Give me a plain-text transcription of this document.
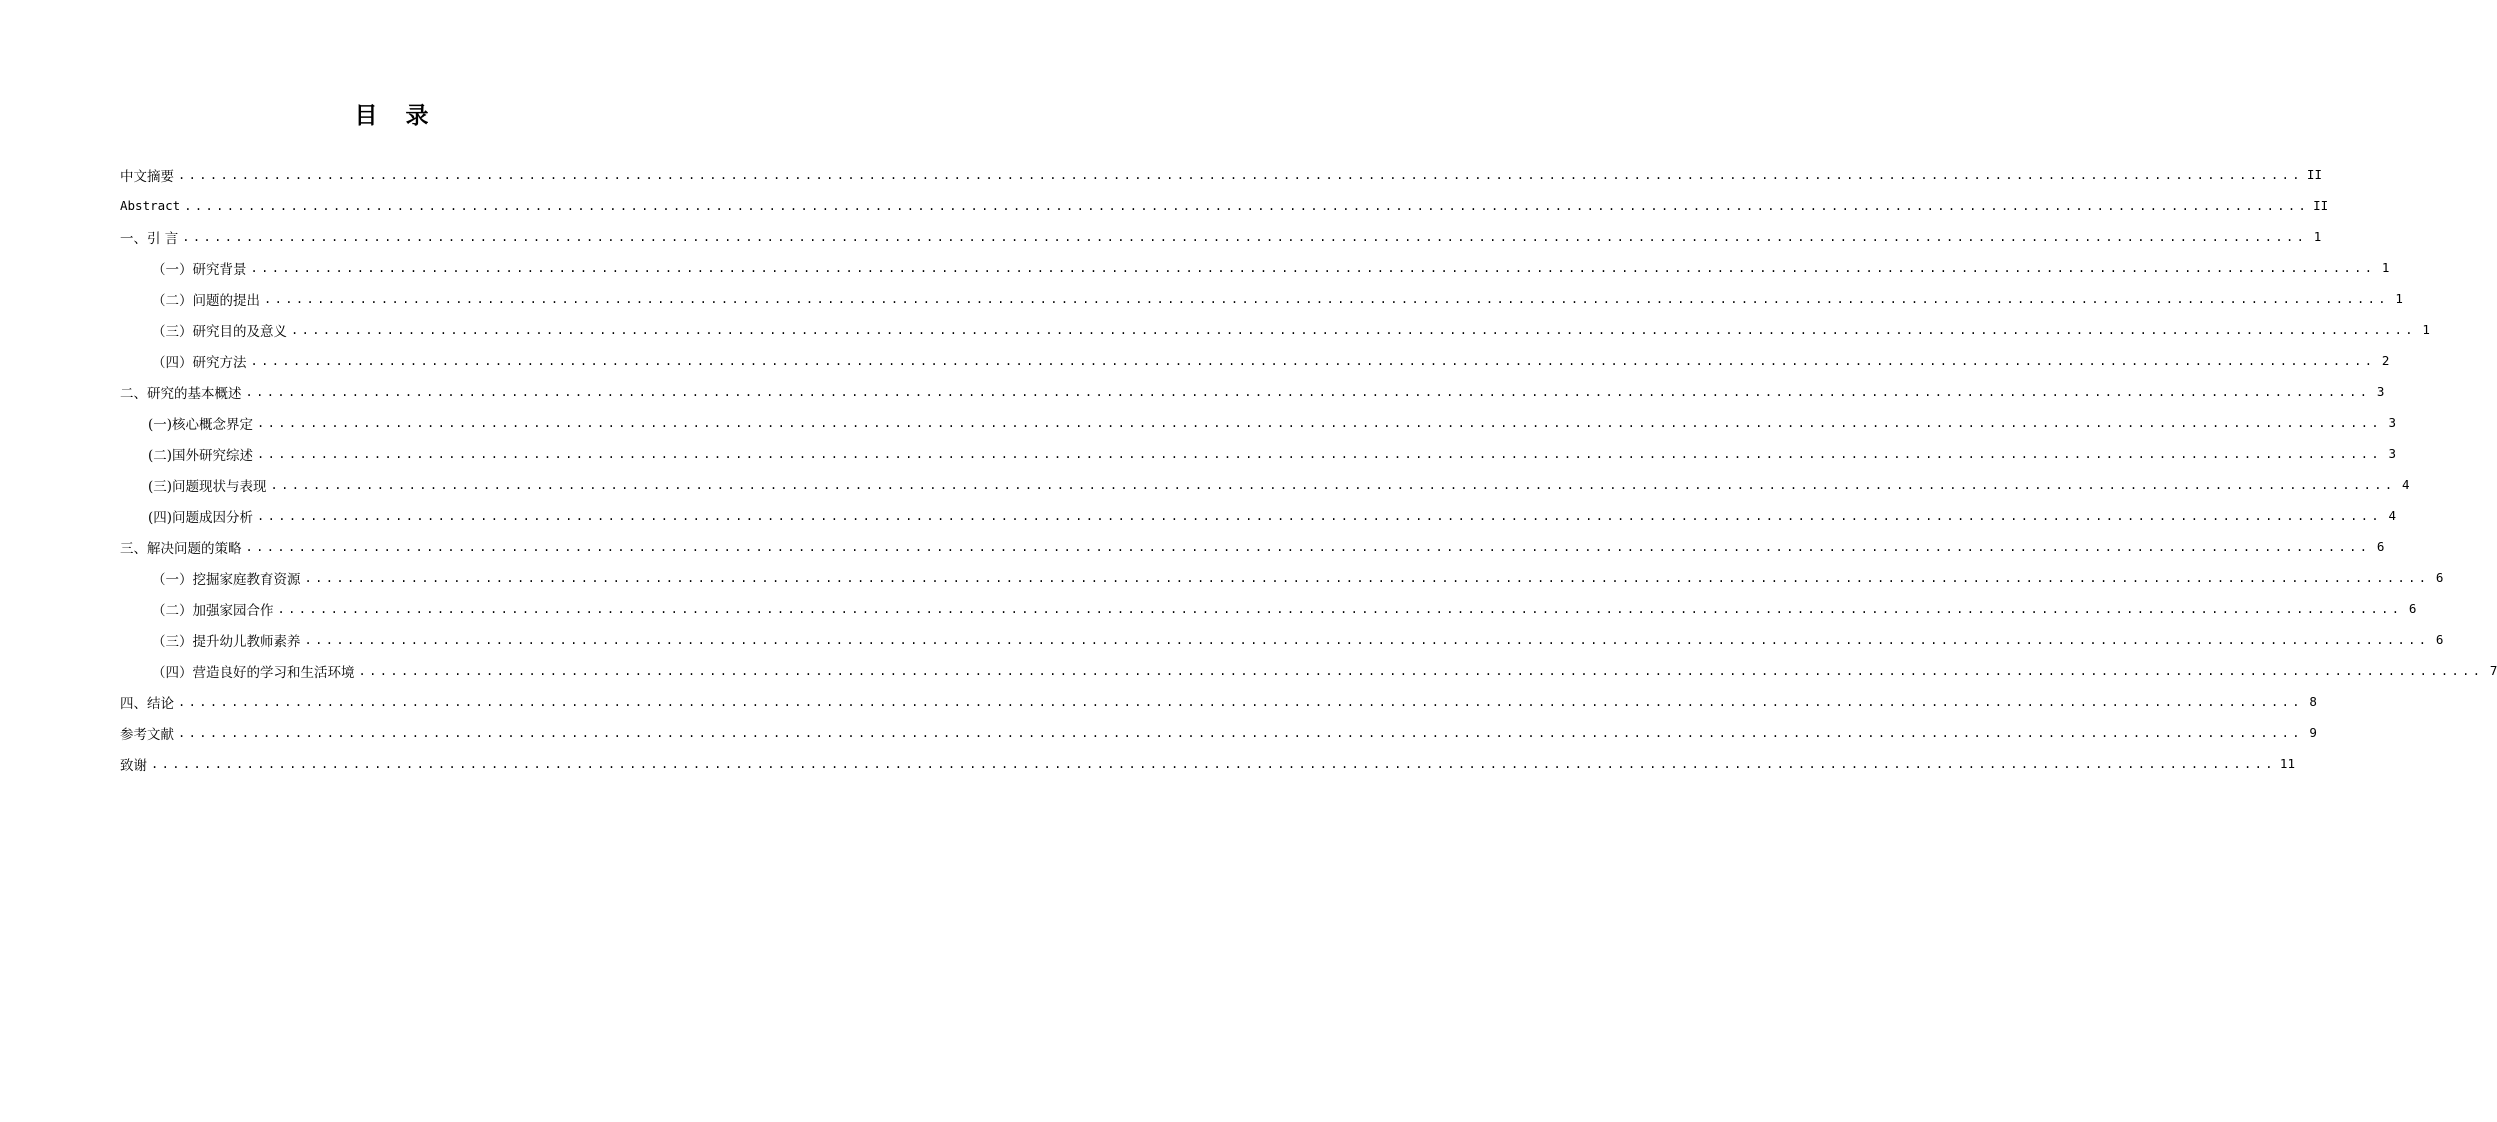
目 录
中文摘要 ........................................................................................................................................................................................................ II
Abstract ........................................................................................................................................................................................................ II
一、引 言 ........................................................................................................................................................................................................ 1
（一）研究背景 ........................................................................................................................................................................................................ 1
（二）问题的提出 ........................................................................................................................................................................................................ 1
（三）研究目的及意义 ........................................................................................................................................................................................................ 1
（四）研究方法 ........................................................................................................................................................................................................ 2
二、研究的基本概述 ........................................................................................................................................................................................................ 3
(一)核心概念界定 ........................................................................................................................................................................................................ 3
(二)国外研究综述 ........................................................................................................................................................................................................ 3
(三)问题现状与表现 ........................................................................................................................................................................................................ 4
(四)问题成因分析 ........................................................................................................................................................................................................ 4
三、解决问题的策略 ........................................................................................................................................................................................................ 6
（一）挖掘家庭教育资源 ........................................................................................................................................................................................................ 6
（二）加强家园合作 ........................................................................................................................................................................................................ 6
（三）提升幼儿教师素养 ........................................................................................................................................................................................................ 6
（四）营造良好的学习和生活环境 ........................................................................................................................................................................................................ 7
四、结论 ........................................................................................................................................................................................................ 8
参考文献 ........................................................................................................................................................................................................ 9
致谢 ........................................................................................................................................................................................................ 11
